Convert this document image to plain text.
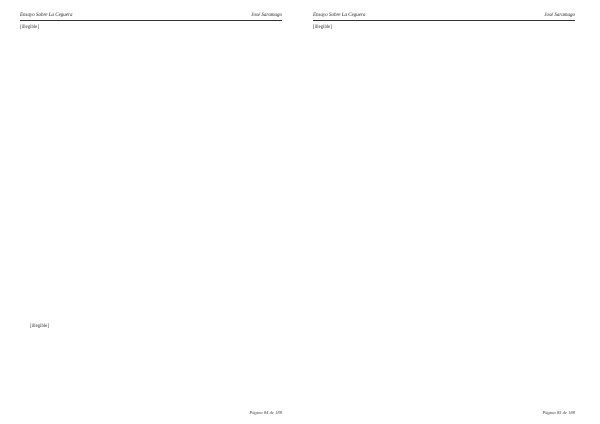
Ensayo Sobre La Ceguera	José Saramago

[illegible]

[illegible]

Página 84 de 188
Ensayo Sobre La Ceguera	José Saramago

[illegible]

Página 85 de 188
